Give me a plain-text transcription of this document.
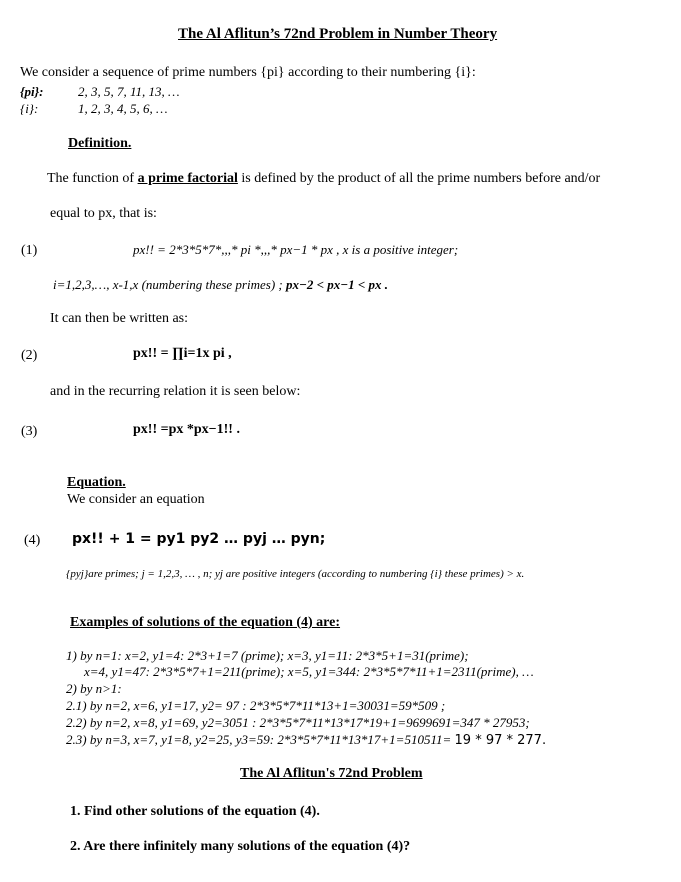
The Al Aflitun’s 72nd Problem in Number Theory
We consider a sequence of prime numbers {pi} according to their numbering {i}:
{pi}:	2, 3, 5, 7, 11, 13, …
{i}:	1, 2, 3, 4, 5, 6, …
Definition.
The function of a prime factorial is defined by the product of all the prime numbers before and/or
equal to px, that is:
(1)	px!! = 2*3*5*7*,,,* pi *,,,* px−1 * px , x is a positive integer;
i=1,2,3,…, x-1,x (numbering these primes) ; px−2 < px−1 < px .
It can then be written as:
(2)	px!! = ∏i=1x pi ,
and in the recurring relation it is seen below:
(3)	px!! =px *px−1!! .
Equation.
We consider an equation
(4) px!! + 1 = py1 py2 … pyj … pyn;
{pyj}are primes; j = 1,2,3, … , n; yj are positive integers (according to numbering {i} these primes) > x.
Examples of solutions of the equation (4) are:
1) by n=1: x=2, y1=4: 2*3+1=7 (prime); x=3, y1=11: 2*3*5+1=31(prime);
x=4, y1=47: 2*3*5*7+1=211(prime); x=5, y1=344: 2*3*5*7*11+1=2311(prime), …
2) by n>1:
2.1) by n=2, x=6, y1=17, y2= 97 : 2*3*5*7*11*13+1=30031=59*509 ;
2.2) by n=2, x=8, y1=69, y2=3051 : 2*3*5*7*11*13*17*19+1=9699691=347 * 27953;
2.3) by n=3, x=7, y1=8, y2=25, y3=59: 2*3*5*7*11*13*17+1=510511= 19 * 97 * 277.
The Al Aflitun's 72nd Problem
1. Find other solutions of the equation (4).
2. Are there infinitely many solutions of the equation (4)?
